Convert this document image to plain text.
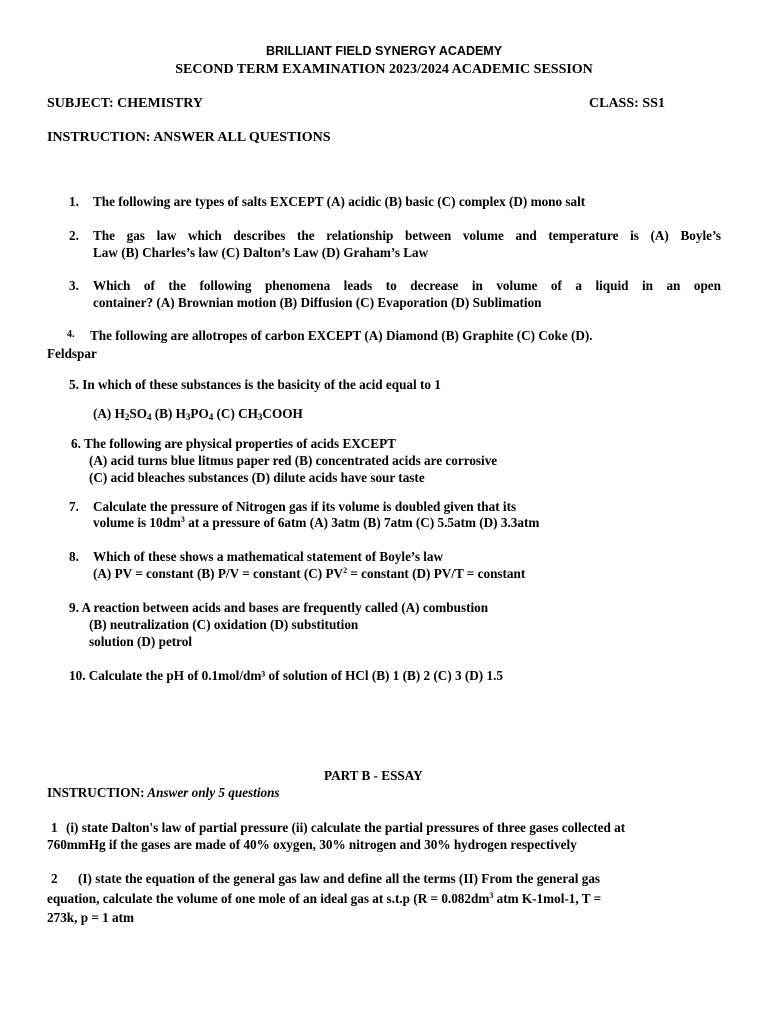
BRILLIANT FIELD SYNERGY ACADEMY
SECOND TERM EXAMINATION 2023/2024 ACADEMIC SESSION
SUBJECT: CHEMISTRY	CLASS: SS1
INSTRUCTION: ANSWER ALL QUESTIONS
1. The following are types of salts EXCEPT (A) acidic (B) basic (C) complex (D) mono salt
2. The gas law which describes the relationship between volume and temperature is (A) Boyle’s
Law (B) Charles’s law (C) Dalton’s Law (D) Graham’s Law
3. Which of the following phenomena leads to decrease in volume of a liquid in an open
container? (A) Brownian motion (B) Diffusion (C) Evaporation (D) Sublimation
4. The following are allotropes of carbon EXCEPT (A) Diamond (B) Graphite (C) Coke (D).
Feldspar
5. In which of these substances is the basicity of the acid equal to 1
(A) $H_2SO_4$ (B) $H_3PO_4$ (C) $CH_3COOH$
6. The following are physical properties of acids EXCEPT
(A) acid turns blue litmus paper red (B) concentrated acids are corrosive
(C) acid bleaches substances (D) dilute acids have sour taste
7. Calculate the pressure of Nitrogen gas if its volume is doubled given that its
volume is $10dm^3$ at a pressure of 6atm (A) 3atm (B) 7atm (C) 5.5atm (D) 3.3atm
8. Which of these shows a mathematical statement of Boyle’s law
(A) PV = constant (B) P/V = constant (C) $PV^2$ = constant (D) PV/T = constant
9. A reaction between acids and bases are frequently called (A) combustion
(B) neutralization (C) oxidation (D) substitution
solution (D) petrol
10. Calculate the pH of 0.1mol/dm³ of solution of HCl (B) 1 (B) 2 (C) 3 (D) 1.5
PART B - ESSAY
INSTRUCTION: Answer only 5 questions
1 (i) state Dalton's law of partial pressure (ii) calculate the partial pressures of three gases collected at
760mmHg if the gases are made of 40% oxygen, 30% nitrogen and 30% hydrogen respectively
2 (I) state the equation of the general gas law and define all the terms (II) From the general gas
equation, calculate the volume of one mole of an ideal gas at s.t.p ($R = 0.082dm^3$ atm K-1mol-1, T =
273k, p = 1 atm
